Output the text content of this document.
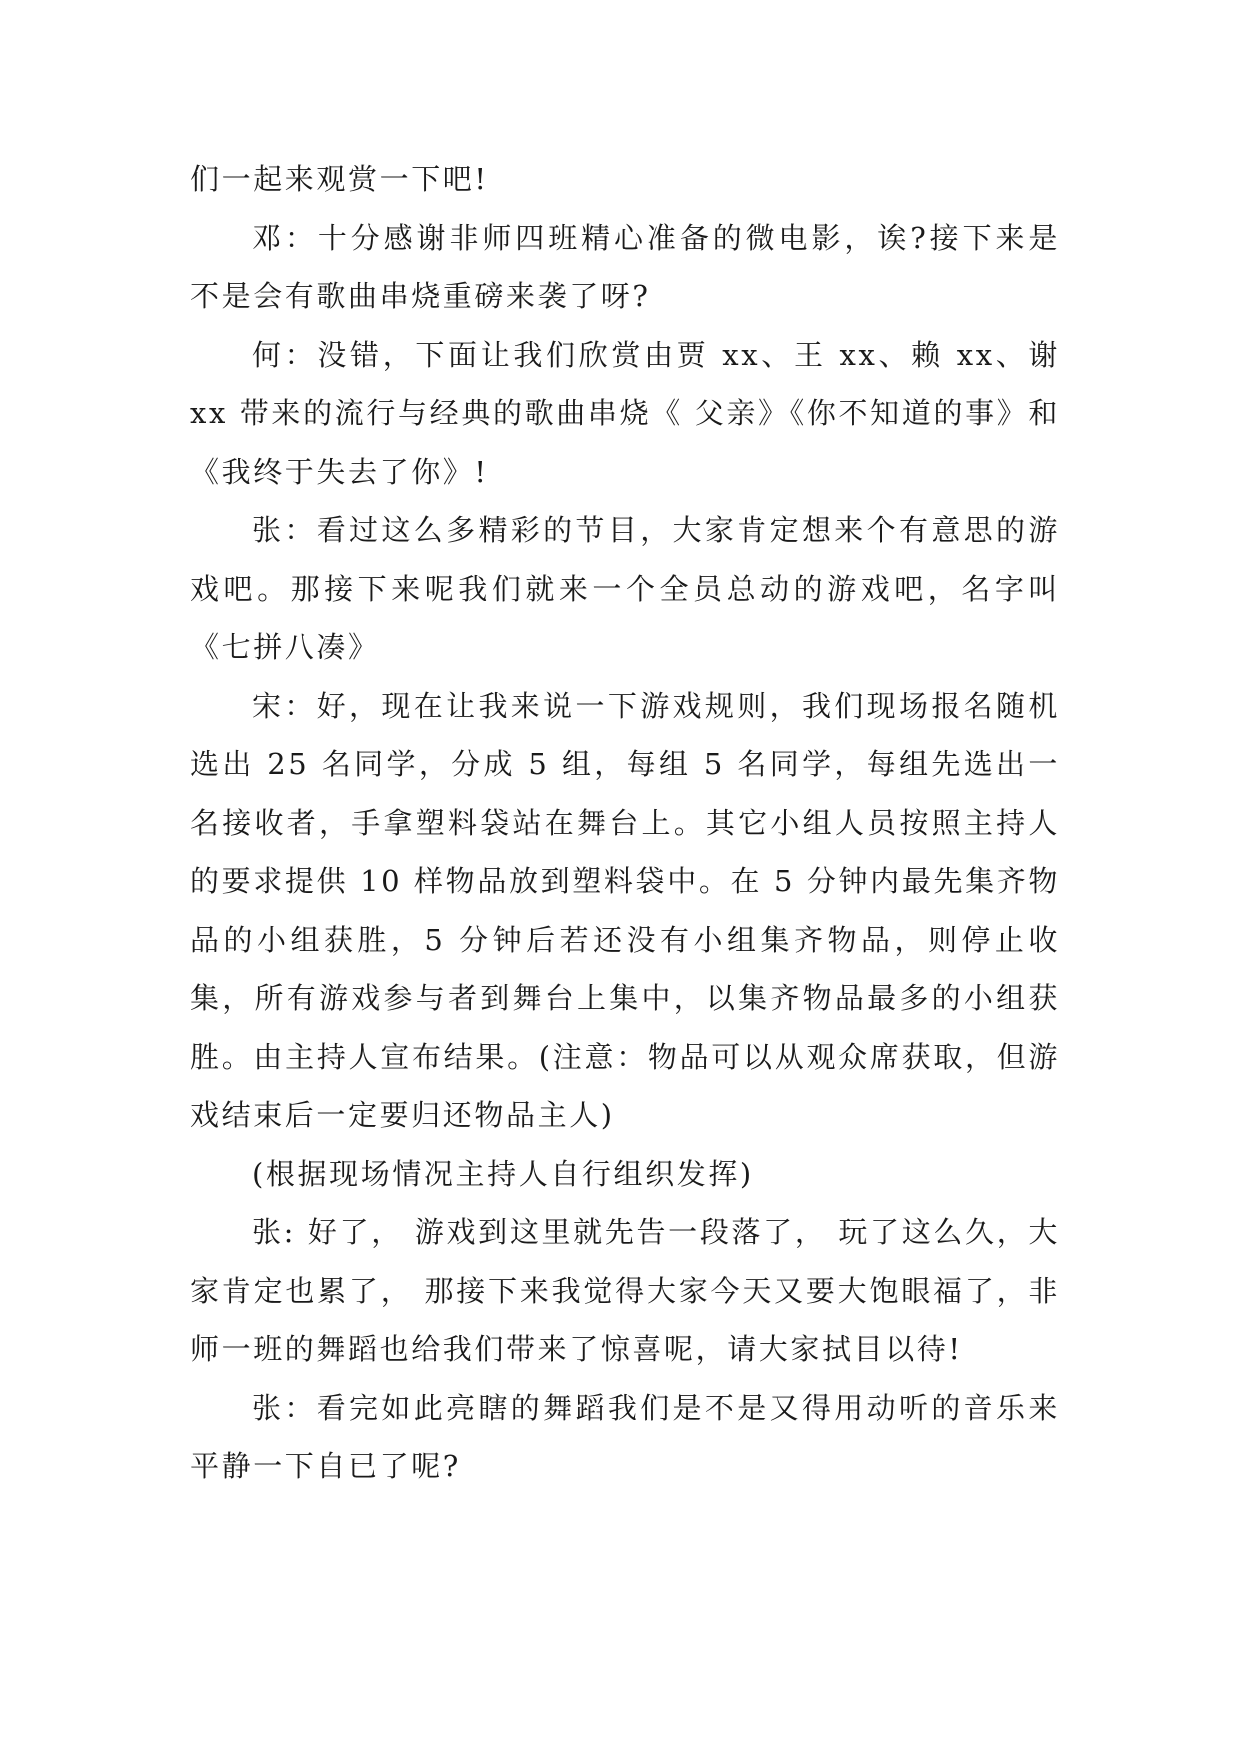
们一起来观赏一下吧!

邓：十分感谢非师四班精心准备的微电影，诶?接下来是不是会有歌曲串烧重磅来袭了呀?

何：没错，下面让我们欣赏由贾 xx、王 xx、赖 xx、谢 xx 带来的流行与经典的歌曲串烧《 父亲》《你不知道的事》和《我终于失去了你》!

张：看过这么多精彩的节目，大家肯定想来个有意思的游戏吧。那接下来呢我们就来一个全员总动的游戏吧，名字叫《七拼八凑》

宋：好，现在让我来说一下游戏规则，我们现场报名随机选出 25 名同学，分成 5 组，每组 5 名同学，每组先选出一名接收者，手拿塑料袋站在舞台上。其它小组人员按照主持人的要求提供 10 样物品放到塑料袋中。在 5 分钟内最先集齐物品的小组获胜，5 分钟后若还没有小组集齐物品，则停止收集，所有游戏参与者到舞台上集中，以集齐物品最多的小组获胜。由主持人宣布结果。(注意：物品可以从观众席获取，但游戏结束后一定要归还物品主人)

(根据现场情况主持人自行组织发挥)

张: 好了， 游戏到这里就先告一段落了， 玩了这么久，大家肯定也累了， 那接下来我觉得大家今天又要大饱眼福了，非师一班的舞蹈也给我们带来了惊喜呢，请大家拭目以待!

张：看完如此亮瞎的舞蹈我们是不是又得用动听的音乐来平静一下自已了呢?
